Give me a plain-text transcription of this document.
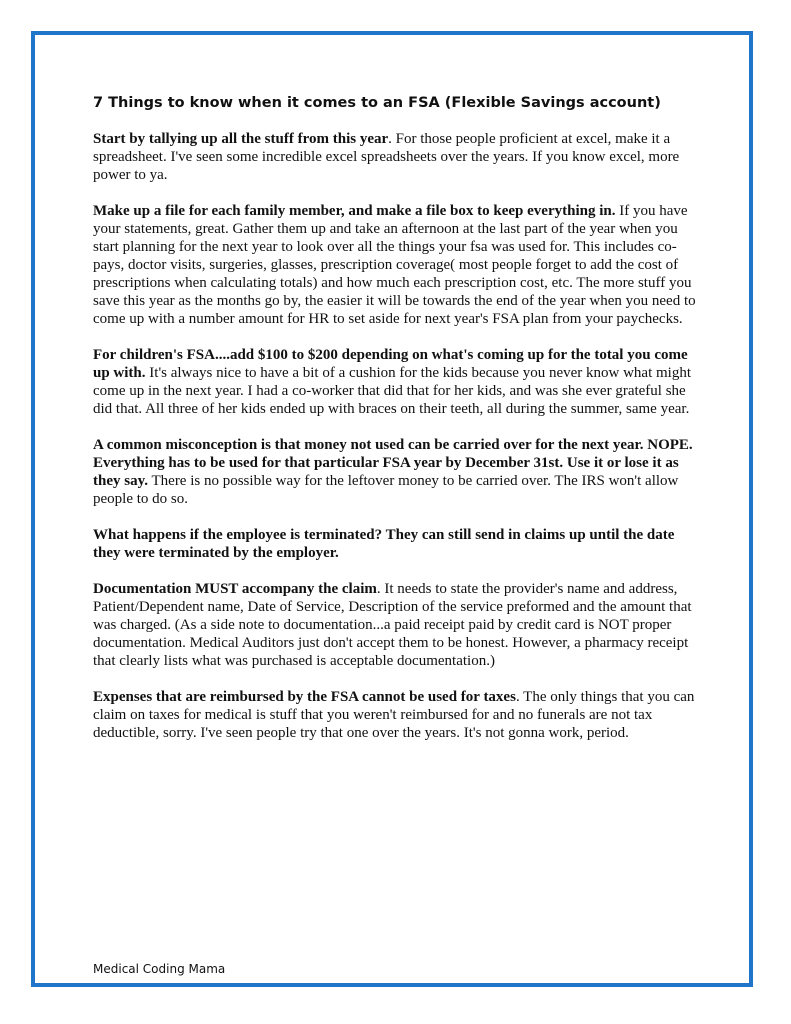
7 Things to know when it comes to an FSA (Flexible Savings account)

Start by tallying up all the stuff from this year. For those people proficient at excel, make it a spreadsheet. I've seen some incredible excel spreadsheets over the years. If you know excel, more power to ya.

Make up a file for each family member, and make a file box to keep everything in. If you have your statements, great. Gather them up and take an afternoon at the last part of the year when you start planning for the next year to look over all the things your fsa was used for. This includes co-pays, doctor visits, surgeries, glasses, prescription coverage( most people forget to add the cost of prescriptions when calculating totals) and how much each prescription cost, etc. The more stuff you save this year as the months go by, the easier it will be towards the end of the year when you need to come up with a number amount for HR to set aside for next year's FSA plan from your paychecks.

For children's FSA....add $100 to $200 depending on what's coming up for the total you come up with. It's always nice to have a bit of a cushion for the kids because you never know what might come up in the next year. I had a co-worker that did that for her kids, and was she ever grateful she did that. All three of her kids ended up with braces on their teeth, all during the summer, same year.

A common misconception is that money not used can be carried over for the next year. NOPE. Everything has to be used for that particular FSA year by December 31st. Use it or lose it as they say. There is no possible way for the leftover money to be carried over. The IRS won't allow people to do so.

What happens if the employee is terminated? They can still send in claims up until the date they were terminated by the employer.

Documentation MUST accompany the claim. It needs to state the provider's name and address, Patient/Dependent name, Date of Service, Description of the service preformed and the amount that was charged. (As a side note to documentation...a paid receipt paid by credit card is NOT proper documentation. Medical Auditors just don't accept them to be honest. However, a pharmacy receipt that clearly lists what was purchased is acceptable documentation.)

Expenses that are reimbursed by the FSA cannot be used for taxes. The only things that you can claim on taxes for medical is stuff that you weren't reimbursed for and no funerals are not tax deductible, sorry. I've seen people try that one over the years. It's not gonna work, period.

Medical Coding Mama
